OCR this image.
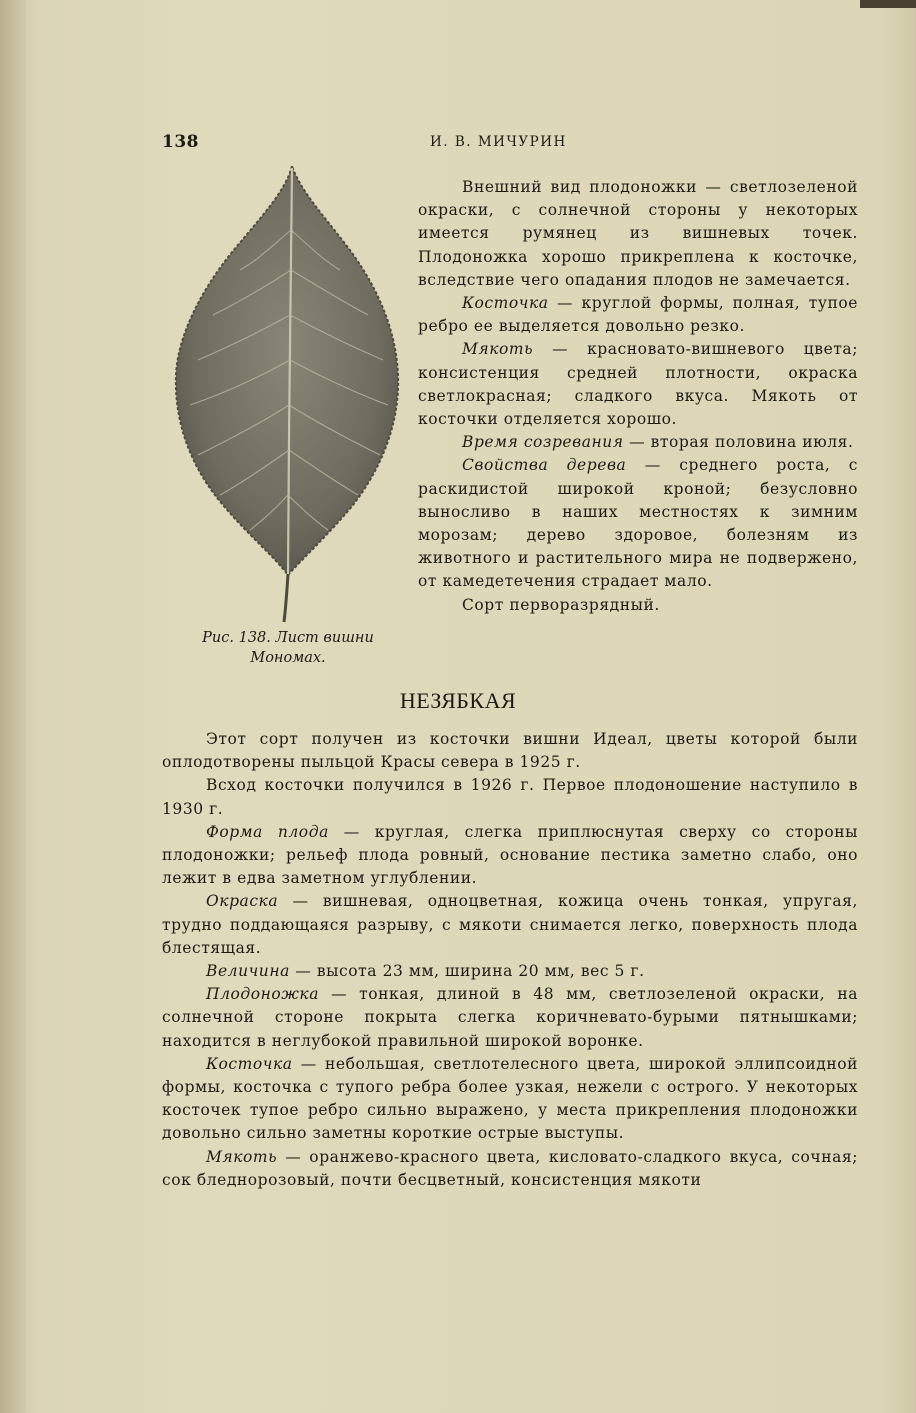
138	И. В. МИЧУРИН
Рис. 138. Лист вишни
Мономах.

Внешний вид плодоножки — светлозеленой окраски, с солнечной стороны у некоторых имеется румянец из вишневых точек. Плодоножка хорошо прикреплена к косточке, вследствие чего опадания плодов не замечается.

Косточка — круглой формы, полная, тупое ребро ее выделяется довольно резко.

Мякоть — красновато-вишневого цвета; консистенция средней плотности, окраска светлокрасная; сладкого вкуса. Мякоть от косточки отделяется хорошо.

Время созревания — вторая половина июля.

Свойства дерева — среднего роста, с раскидистой широкой кроной; безусловно выносливо в наших местностях к зимним морозам; дерево здоровое, болезням из животного и растительного мира не подвержено, от камедетечения страдает мало.

Сорт перворазрядный.

НЕЗЯБКАЯ

Этот сорт получен из косточки вишни Идеал, цветы которой были оплодотворены пыльцой Красы севера в 1925 г.

Всход косточки получился в 1926 г. Первое плодоношение наступило в 1930 г.

Форма плода — круглая, слегка приплюснутая сверху со стороны плодоножки; рельеф плода ровный, основание пестика заметно слабо, оно лежит в едва заметном углублении.

Окраска — вишневая, одноцветная, кожица очень тонкая, упругая, трудно поддающаяся разрыву, с мякоти снимается легко, поверхность плода блестящая.

Величина — высота 23 мм, ширина 20 мм, вес 5 г.

Плодоножка — тонкая, длиной в 48 мм, светлозеленой окраски, на солнечной стороне покрыта слегка коричневато-бурыми пятнышками; находится в неглубокой правильной широкой воронке.

Косточка — небольшая, светлотелесного цвета, широкой эллипсоидной формы, косточка с тупого ребра более узкая, нежели с острого. У некоторых косточек тупое ребро сильно выражено, у места прикрепления плодоножки довольно сильно заметны короткие острые выступы.

Мякоть — оранжево-красного цвета, кисловато-сладкого вкуса, сочная; сок бледнорозовый, почти бесцветный, консистенция мякоти
